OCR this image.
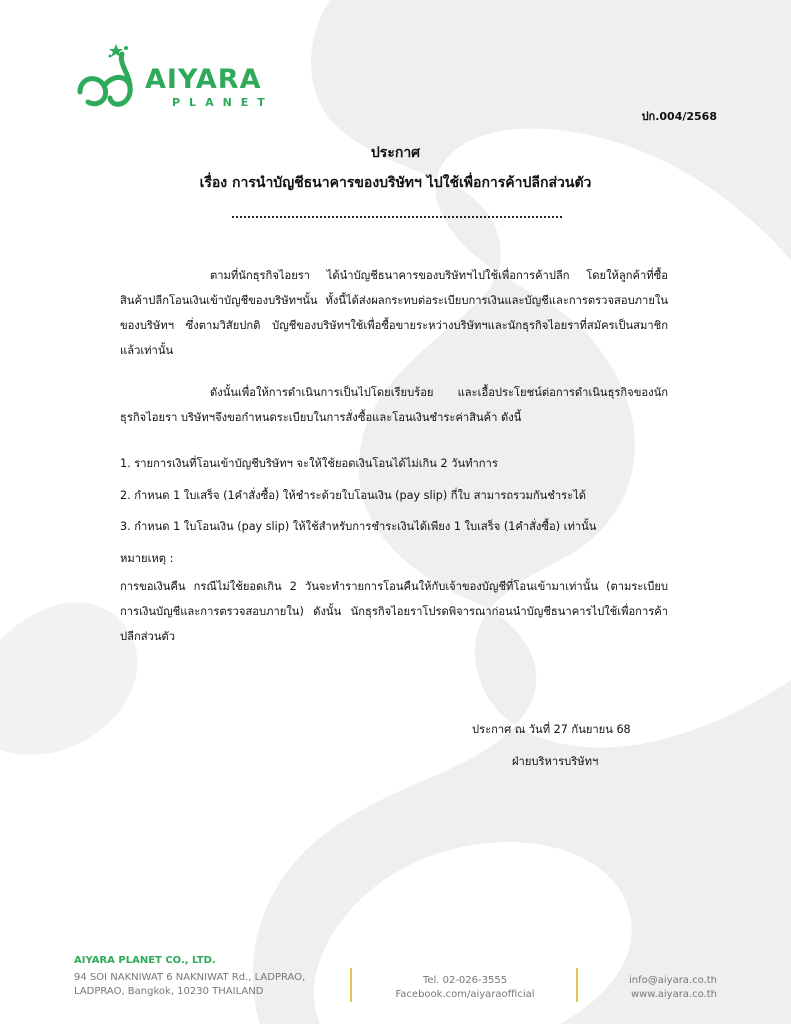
AIYARA
PLANET
ปก.004/2568
ประกาศ
เรื่อง การนำบัญชีธนาคารของบริษัทฯ ไปใช้เพื่อการค้าปลีกส่วนตัว
ตามที่นักธุรกิจไอยรา ได้นำบัญชีธนาคารของบริษัทฯไปใช้เพื่อการค้าปลีก โดยให้ลูกค้าที่ซื้อสินค้าปลีกโอนเงินเข้าบัญชีของบริษัทฯนั้น ทั้งนี้ได้ส่งผลกระทบต่อระเบียบการเงินและบัญชีและการตรวจสอบภายในของบริษัทฯ ซึ่งตามวิสัยปกติ บัญชีของบริษัทฯใช้เพื่อซื้อขายระหว่างบริษัทฯและนักธุรกิจไอยราที่สมัครเป็นสมาชิกแล้วเท่านั้น
ดังนั้นเพื่อให้การดำเนินการเป็นไปโดยเรียบร้อย และเอื้อประโยชน์ต่อการดำเนินธุรกิจของนักธุรกิจไอยรา บริษัทฯจึงขอกำหนดระเบียบในการสั่งซื้อและโอนเงินชำระค่าสินค้า ดังนี้
1. รายการเงินที่โอนเข้าบัญชีบริษัทฯ จะให้ใช้ยอดเงินโอนได้ไม่เกิน 2 วันทำการ
2. กำหนด 1 ใบเสร็จ (1คำสั่งซื้อ) ให้ชำระด้วยใบโอนเงิน (pay slip) กี่ใบ สามารถรวมกันชำระได้
3. กำหนด 1 ใบโอนเงิน (pay slip) ให้ใช้สำหรับการชำระเงินได้เพียง 1 ใบเสร็จ (1คำสั่งซื้อ) เท่านั้น
หมายเหตุ :
การขอเงินคืน กรณีไม่ใช้ยอดเกิน 2 วันจะทำรายการโอนคืนให้กับเจ้าของบัญชีที่โอนเข้ามาเท่านั้น (ตามระเบียบการเงินบัญชีและการตรวจสอบภายใน) ดังนั้น นักธุรกิจไอยราโปรดพิจารณาก่อนนำบัญชีธนาคารไปใช้เพื่อการค้าปลีกส่วนตัว
ประกาศ ณ วันที่ 27 กันยายน 68
ฝ่ายบริหารบริษัทฯ
AIYARA PLANET CO., LTD.
94 SOI NAKNIWAT 6 NAKNIWAT Rd., LADPRAO,
LADPRAO, Bangkok, 10230 THAILAND
Tel. 02-026-3555
Facebook.com/aiyaraofficial
info@aiyara.co.th
www.aiyara.co.th
